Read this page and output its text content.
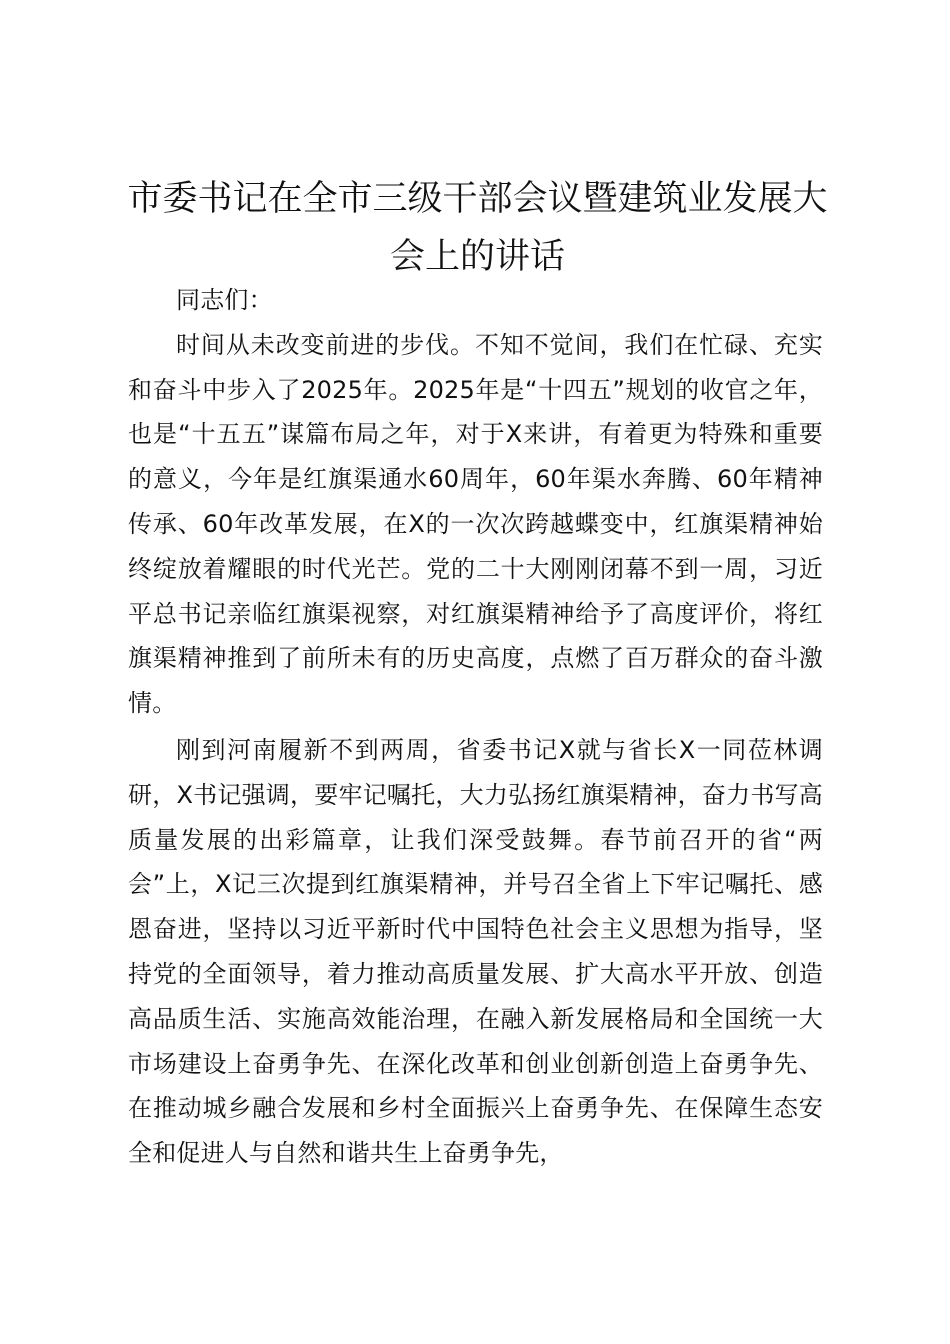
市委书记在全市三级干部会议暨建筑业发展大会上的讲话

同志们：

时间从未改变前进的步伐。不知不觉间，我们在忙碌、充实和奋斗中步入了2025年。2025年是“十四五”规划的收官之年，也是“十五五”谋篇布局之年，对于X来讲，有着更为特殊和重要的意义，今年是红旗渠通水60周年，60年渠水奔腾、60年精神传承、60年改革发展，在X的一次次跨越蝶变中，红旗渠精神始终绽放着耀眼的时代光芒。党的二十大刚刚闭幕不到一周，习近平总书记亲临红旗渠视察，对红旗渠精神给予了高度评价，将红旗渠精神推到了前所未有的历史高度，点燃了百万群众的奋斗激情。

刚到河南履新不到两周，省委书记X就与省长X一同莅林调研，X书记强调，要牢记嘱托，大力弘扬红旗渠精神，奋力书写高质量发展的出彩篇章，让我们深受鼓舞。春节前召开的省“两会”上，X记三次提到红旗渠精神，并号召全省上下牢记嘱托、感恩奋进，坚持以习近平新时代中国特色社会主义思想为指导，坚持党的全面领导，着力推动高质量发展、扩大高水平开放、创造高品质生活、实施高效能治理，在融入新发展格局和全国统一大市场建设上奋勇争先、在深化改革和创业创新创造上奋勇争先、在推动城乡融合发展和乡村全面振兴上奋勇争先、在保障生态安全和促进人与自然和谐共生上奋勇争先，
